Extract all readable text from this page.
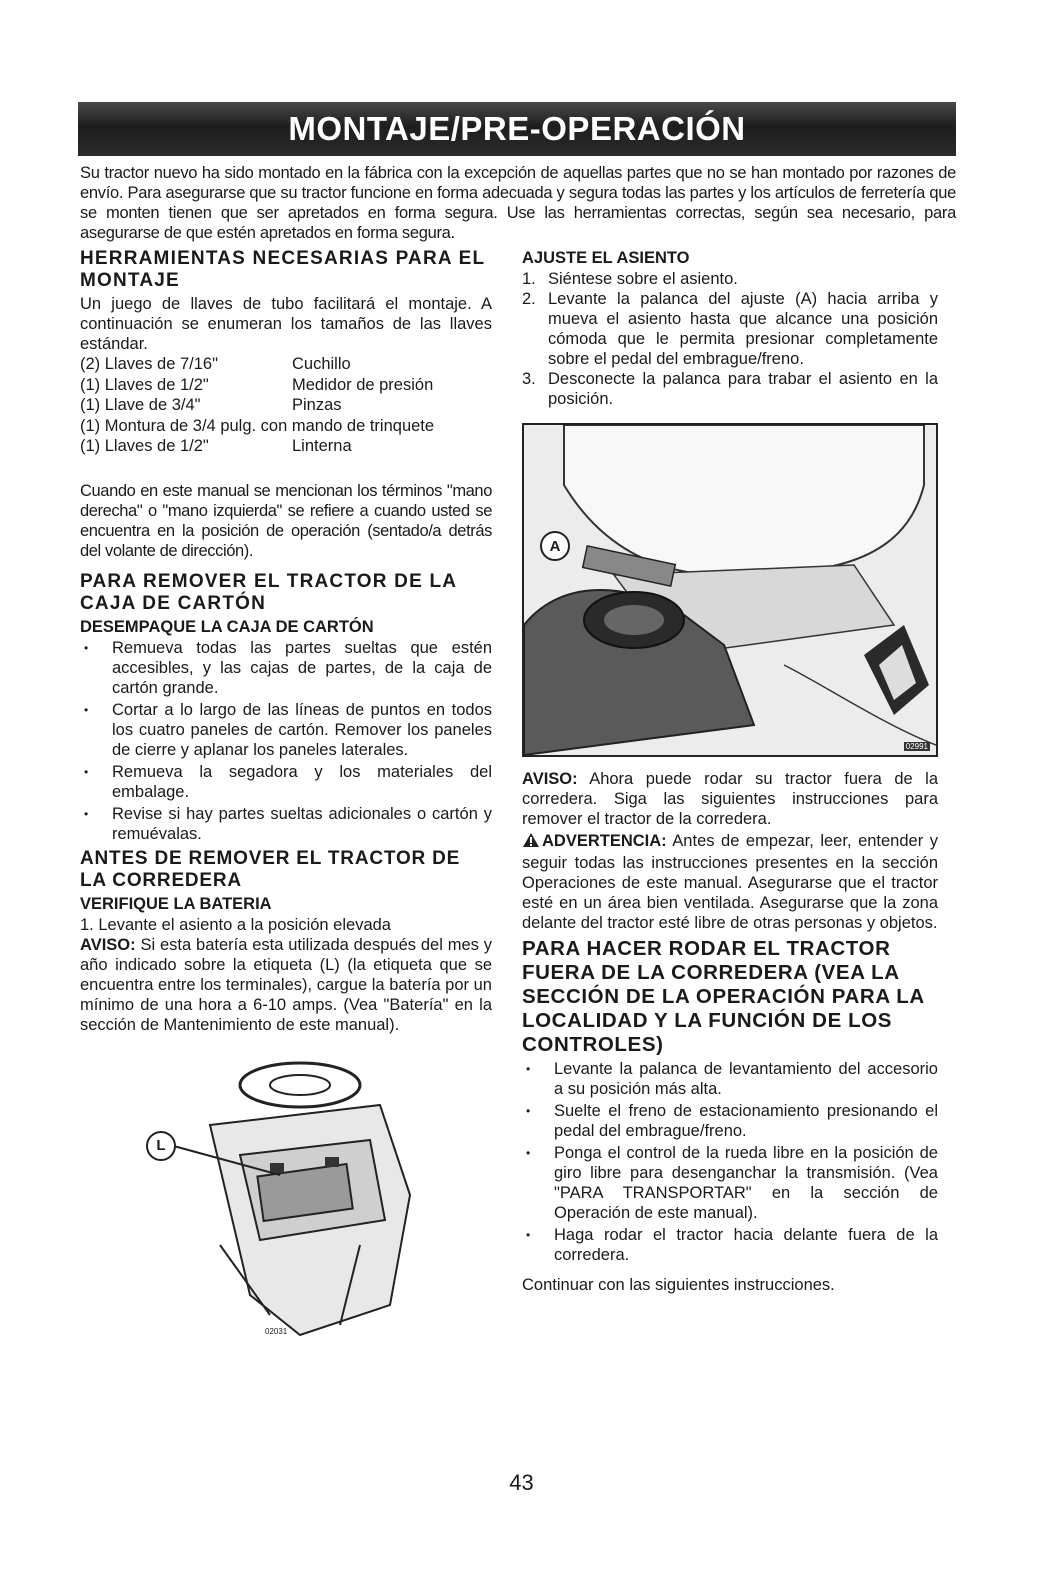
MONTAJE/PRE-OPERACIÓN

Su tractor nuevo ha sido montado en la fábrica con la excepción de aquellas partes que no se han montado por razones de envío. Para asegurarse que su tractor funcione en forma adecuada y segura todas las partes y los artículos de ferretería que se monten tienen que ser apretados en forma segura. Use las herramientas correctas, según sea necesario, para asegurarse de que estén apretados en forma segura.

HERRAMIENTAS NECESARIAS PARA EL MONTAJE

Un juego de llaves de tubo facilitará el montaje. A continuación se enumeran los tamaños de las llaves estándar.

(2) Llaves de 7/16"	Cuchillo
(1) Llaves de 1/2"	Medidor de presión
(1) Llave de 3/4"	Pinzas
(1) Montura de 3/4 pulg. con mando de trinquete
(1) Llaves de 1/2"	Linterna

Cuando en este manual se mencionan los términos "mano derecha" o "mano izquierda" se refiere a cuando usted se encuentra en la posición de operación (sentado/a detrás del volante de dirección).

PARA REMOVER EL TRACTOR DE LA CAJA DE CARTÓN
DESEMPAQUE LA CAJA DE CARTÓN
• Remueva todas las partes sueltas que estén accesibles, y las cajas de partes, de la caja de cartón grande.
• Cortar a lo largo de las líneas de puntos en todos los cuatro paneles de cartón. Remover los paneles de cierre y aplanar los paneles laterales.
• Remueva la segadora y los materiales del embalage.
• Revise si hay partes sueltas adicionales o cartón y remuévalas.
ANTES DE REMOVER EL TRACTOR DE LA CORREDERA
VERIFIQUE LA BATERIA

1. Levante el asiento a la posición elevada

AVISO: Si esta batería esta utilizada después del mes y año indicado sobre la etiqueta (L) (la etiqueta que se encuentra entre los terminales), cargue la batería por un mínimo de una hora a 6-10 amps. (Vea "Batería" en la sección de Mantenimiento de este manual).

L
02031
AJUSTE EL ASIENTO
1. Siéntese sobre el asiento.
2. Levante la palanca del ajuste (A) hacia arriba y mueva el asiento hasta que alcance una posición cómoda que le permita presionar completamente sobre el pedal del embrague/freno.
3. Desconecte la palanca para trabar el asiento en la posición.
A
02991

AVISO: Ahora puede rodar su tractor fuera de la corredera. Siga las siguientes instrucciones para remover el tractor de la corredera.

ADVERTENCIA: Antes de empezar, leer, entender y seguir todas las instrucciones presentes en la sección Operaciones de este manual. Asegurarse que el tractor esté en un área bien ventilada. Asegurarse que la zona delante del tractor esté libre de otras personas y objetos.

PARA HACER RODAR EL TRACTOR FUERA DE LA CORREDERA (VEA LA SECCIÓN DE LA OPERACIÓN PARA LA LOCALIDAD Y LA FUNCIÓN DE LOS CONTROLES)
• Levante la palanca de levantamiento del accesorio a su posición más alta.
• Suelte el freno de estacionamiento presionando el pedal del embrague/freno.
• Ponga el control de la rueda libre en la posición de giro libre para desenganchar la transmisión. (Vea "PARA TRANSPORTAR" en la sección de Operación de este manual).
• Haga rodar el tractor hacia delante fuera de la corredera.

Continuar con las siguientes instrucciones.

43
